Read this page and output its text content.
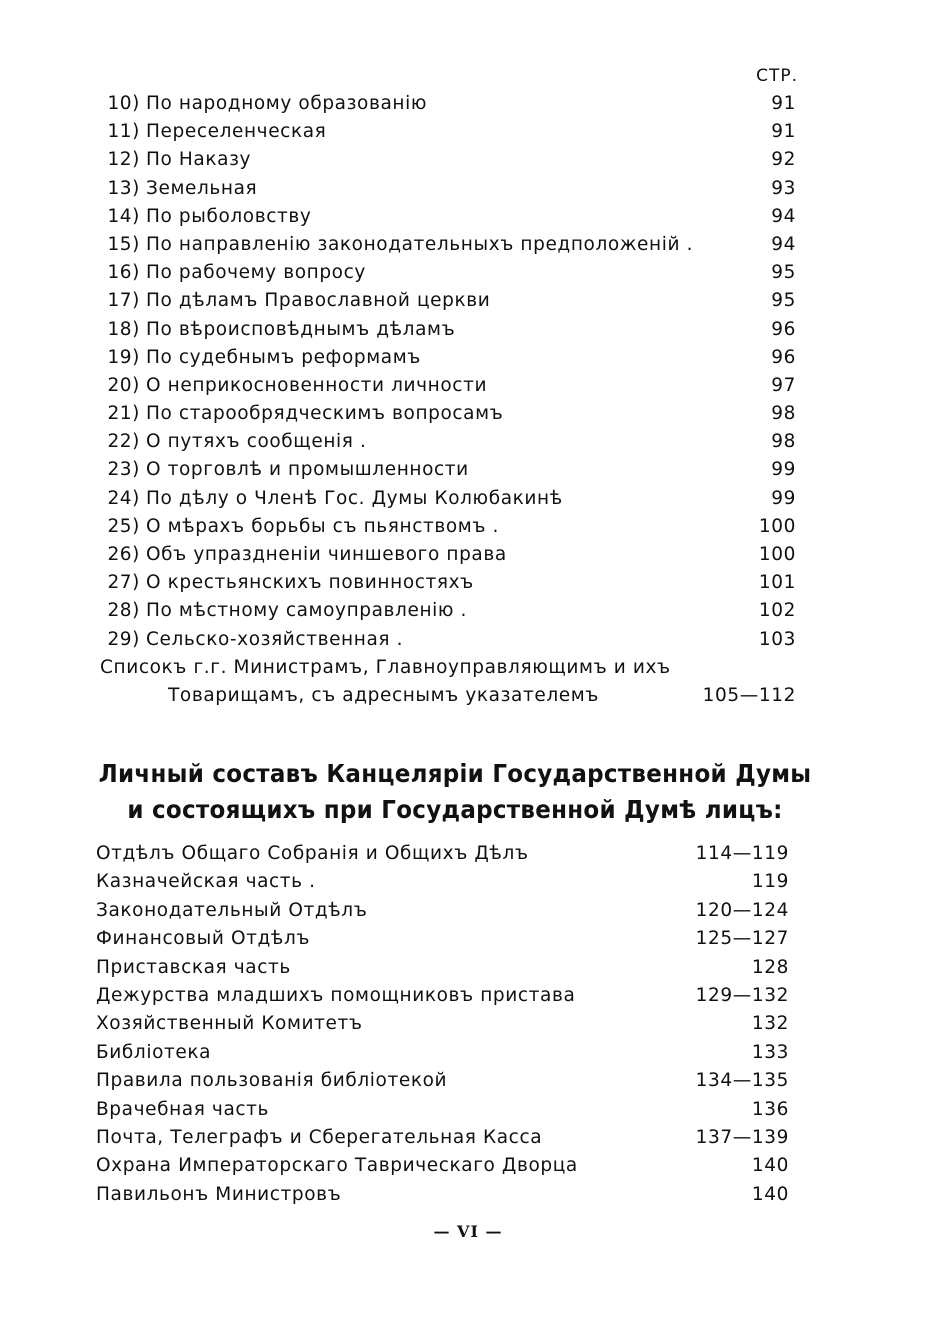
СТР.
10) По народному образованію	91
11) Переселенческая	91
12) По Наказу	92
13) Земельная	93
14) По рыболовству	94
15) По направленію законодательныхъ предположеній .	94
16) По рабочему вопросу	95
17) По дѣламъ Православной церкви	95
18) По вѣроисповѣднымъ дѣламъ	96
19) По судебнымъ реформамъ	96
20) О неприкосновенности личности	97
21) По старообрядческимъ вопросамъ	98
22) О путяхъ сообщенія .	98
23) О торговлѣ и промышленности	99
24) По дѣлу о Членѣ Гос. Думы Колюбакинѣ	99
25) О мѣрахъ борьбы съ пьянствомъ .	100
26) Объ упраздненіи чиншевого права	100
27) О крестьянскихъ повинностяхъ	101
28) По мѣстному самоуправленію .	102
29) Сельско-хозяйственная .	103
Списокъ г.г. Министрамъ, Главноуправляющимъ и ихъ
Товарищамъ, съ адреснымъ указателемъ	105—112
Личный составъ Канцеляріи Государственной Думы
и состоящихъ при Государственной Думѣ лицъ:
Отдѣлъ Общаго Собранія и Общихъ Дѣлъ	114—119
Казначейская часть .	119
Законодательный Отдѣлъ	120—124
Финансовый Отдѣлъ	125—127
Приставская часть	128
Дежурства младшихъ помощниковъ пристава	129—132
Хозяйственный Комитетъ	132
Библіотека	133
Правила пользованія библіотекой	134—135
Врачебная часть	136
Почта, Телеграфъ и Сберегательная Касса	137—139
Охрана Императорскаго Таврическаго Дворца	140
Павильонъ Министровъ	140
— VI —
